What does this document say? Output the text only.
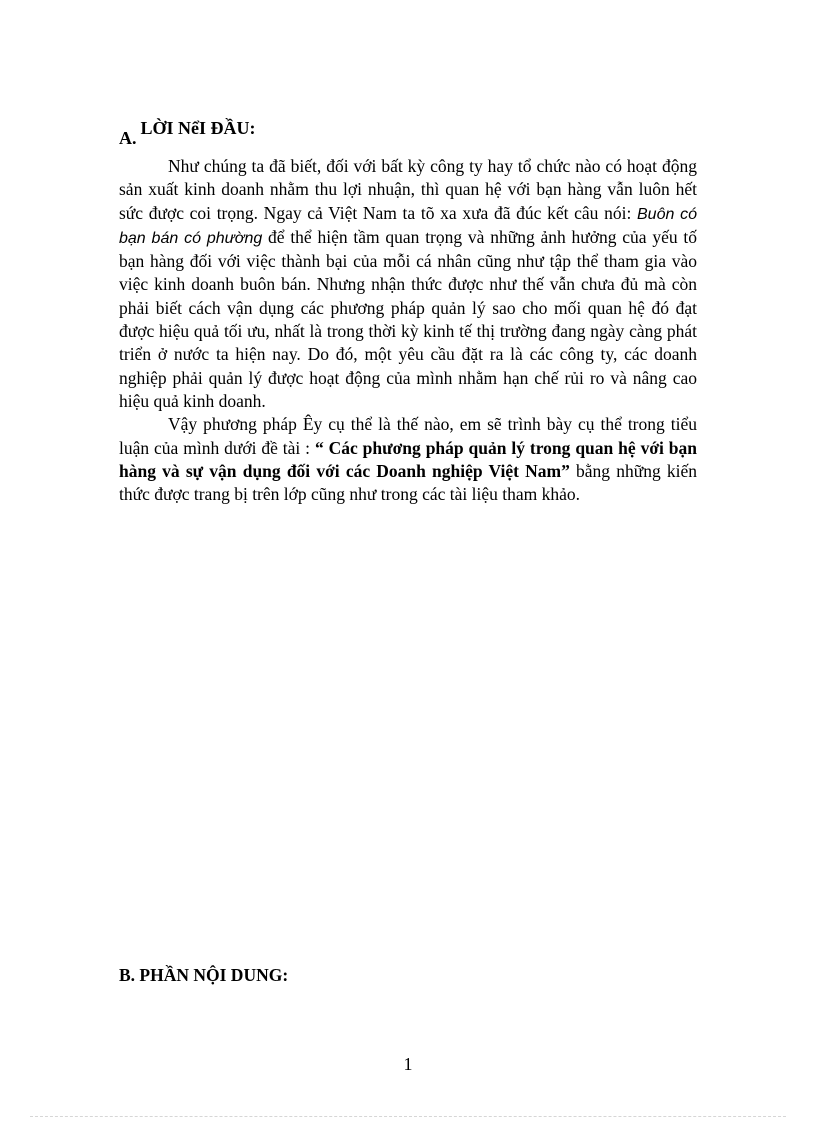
A. LỜI NểI ĐẦU:

Như chúng ta đã biết, đối với bất kỳ công ty hay tổ chức nào có hoạt động sản xuất kinh doanh nhằm thu lợi nhuận, thì quan hệ với bạn hàng vẫn luôn hết sức được coi trọng. Ngay cả Việt Nam ta tõ xa xưa đã đúc kết câu nói: Buôn có bạn bán có phường để thể hiện tầm quan trọng và những ảnh hưởng của yếu tố bạn hàng đối với việc thành bại của mỗi cá nhân cũng như tập thể tham gia vào việc kinh doanh buôn bán. Nhưng nhận thức được như thế vẫn chưa đủ mà còn phải biết cách vận dụng các phương pháp quản lý sao cho mối quan hệ đó đạt được hiệu quả tối ưu, nhất là trong thời kỳ kinh tế thị trường đang ngày càng phát triển ở nước ta hiện nay. Do đó, một yêu cầu đặt ra là các công ty, các doanh nghiệp phải quản lý được hoạt động của mình nhằm hạn chế rủi ro và nâng cao hiệu quả kinh doanh.

Vậy phương pháp Êy cụ thể là thế nào, em sẽ trình bày cụ thể trong tiểu luận của mình dưới đề tài : “ Các phương pháp quản lý trong quan hệ với bạn hàng và sự vận dụng đối với các Doanh nghiệp Việt Nam” bằng những kiến thức được trang bị trên lớp cũng như trong các tài liệu tham khảo.

B. PHẦN NỘI DUNG:
1
